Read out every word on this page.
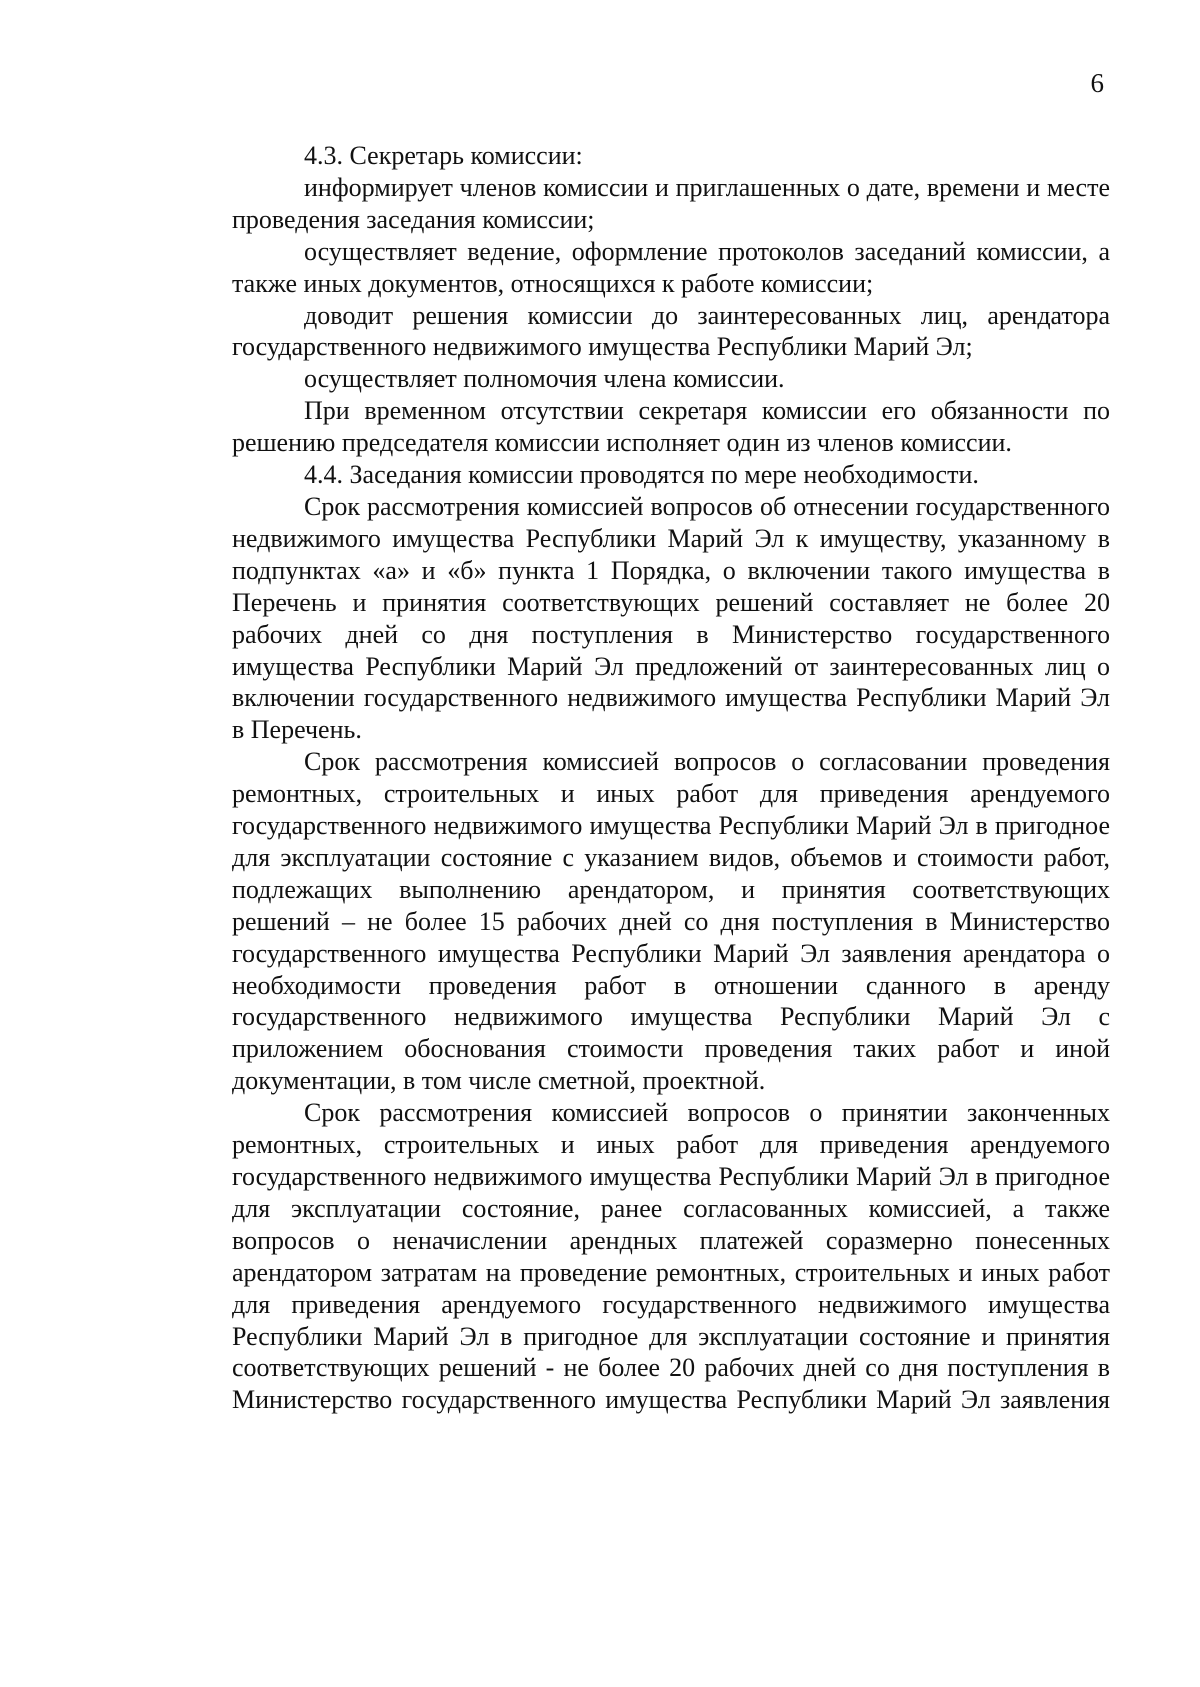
6

4.3. Секретарь комиссии:

информирует членов комиссии и приглашенных о дате, времени и месте проведения заседания комиссии;

осуществляет ведение, оформление протоколов заседаний комиссии, а также иных документов, относящихся к работе комиссии;

доводит решения комиссии до заинтересованных лиц, арендатора государственного недвижимого имущества Республики Марий Эл;

осуществляет полномочия члена комиссии.

При временном отсутствии секретаря комиссии его обязанности по решению председателя комиссии исполняет один из членов комиссии.

4.4. Заседания комиссии проводятся по мере необходимости.

Срок рассмотрения комиссией вопросов об отнесении государственного недвижимого имущества Республики Марий Эл к имуществу, указанному в подпунктах «а» и «б» пункта 1 Порядка, о включении такого имущества в Перечень и принятия соответствующих решений составляет не более 20 рабочих дней со дня поступления в Министерство государственного имущества Республики Марий Эл предложений от заинтересованных лиц о включении государственного недвижимого имущества Республики Марий Эл в Перечень.

Срок рассмотрения комиссией вопросов о согласовании проведения ремонтных, строительных и иных работ для приведения арендуемого государственного недвижимого имущества Республики Марий Эл в пригодное для эксплуатации состояние с указанием видов, объемов и стоимости работ, подлежащих выполнению арендатором, и принятия соответствующих решений – не более 15 рабочих дней со дня поступления в Министерство государственного имущества Республики Марий Эл заявления арендатора о необходимости проведения работ в отношении сданного в аренду государственного недвижимого имущества Республики Марий Эл с приложением обоснования стоимости проведения таких работ и иной документации, в том числе сметной, проектной.

Срок рассмотрения комиссией вопросов о принятии законченных ремонтных, строительных и иных работ для приведения арендуемого государственного недвижимого имущества Республики Марий Эл в пригодное для эксплуатации состояние, ранее согласованных комиссией, а также вопросов о неначислении арендных платежей соразмерно понесенных арендатором затратам на проведение ремонтных, строительных и иных работ для приведения арендуемого государственного недвижимого имущества Республики Марий Эл в пригодное для эксплуатации состояние и принятия соответствующих решений - не более 20 рабочих дней со дня поступления в Министерство государственного имущества Республики Марий Эл заявления
